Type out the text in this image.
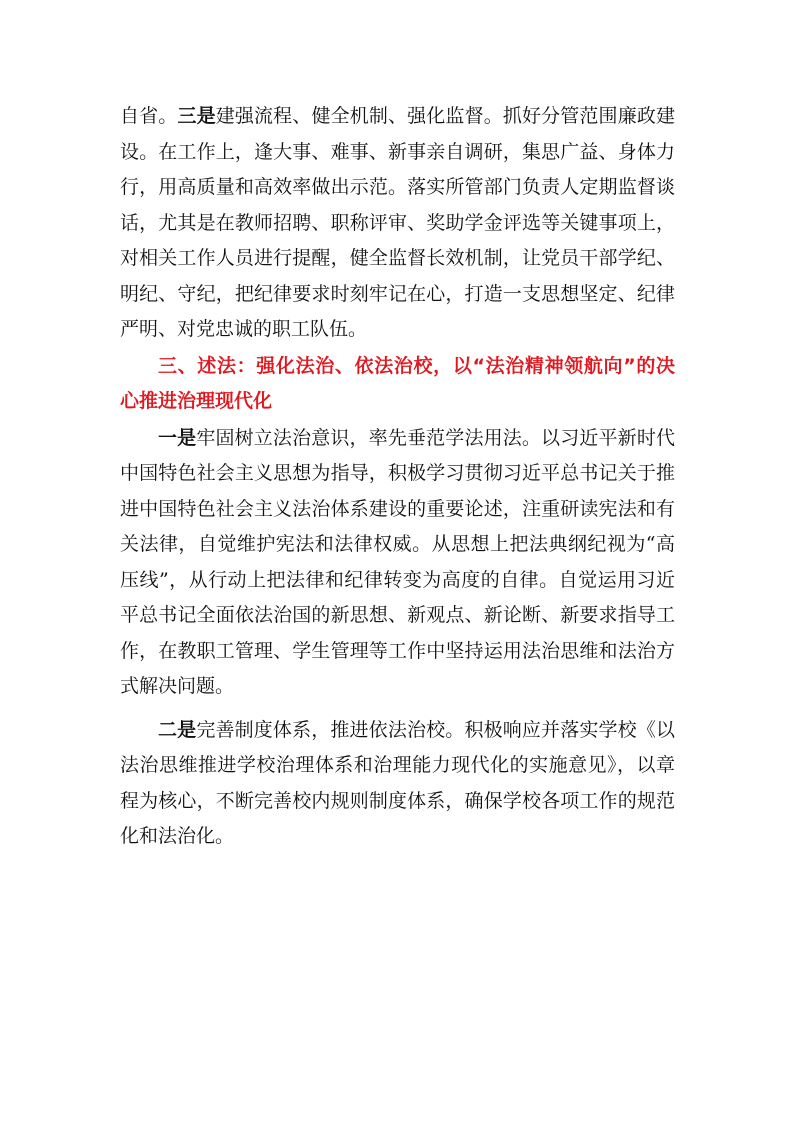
自省。三是建强流程、健全机制、强化监督。抓好分管范围廉政建设。在工作上，逢大事、难事、新事亲自调研，集思广益、身体力行，用高质量和高效率做出示范。落实所管部门负责人定期监督谈话，尤其是在教师招聘、职称评审、奖助学金评选等关键事项上，对相关工作人员进行提醒，健全监督长效机制，让党员干部学纪、明纪、守纪，把纪律要求时刻牢记在心，打造一支思想坚定、纪律严明、对党忠诚的职工队伍。

三、述法：强化法治、依法治校，以“法治精神领航向”的决心推进治理现代化

一是牢固树立法治意识，率先垂范学法用法。以习近平新时代中国特色社会主义思想为指导，积极学习贯彻习近平总书记关于推进中国特色社会主义法治体系建设的重要论述，注重研读宪法和有关法律，自觉维护宪法和法律权威。从思想上把法典纲纪视为“高压线”，从行动上把法律和纪律转变为高度的自律。自觉运用习近平总书记全面依法治国的新思想、新观点、新论断、新要求指导工作，在教职工管理、学生管理等工作中坚持运用法治思维和法治方式解决问题。

二是完善制度体系，推进依法治校。积极响应并落实学校《以法治思维推进学校治理体系和治理能力现代化的实施意见》，以章程为核心，不断完善校内规则制度体系，确保学校各项工作的规范化和法治化。
